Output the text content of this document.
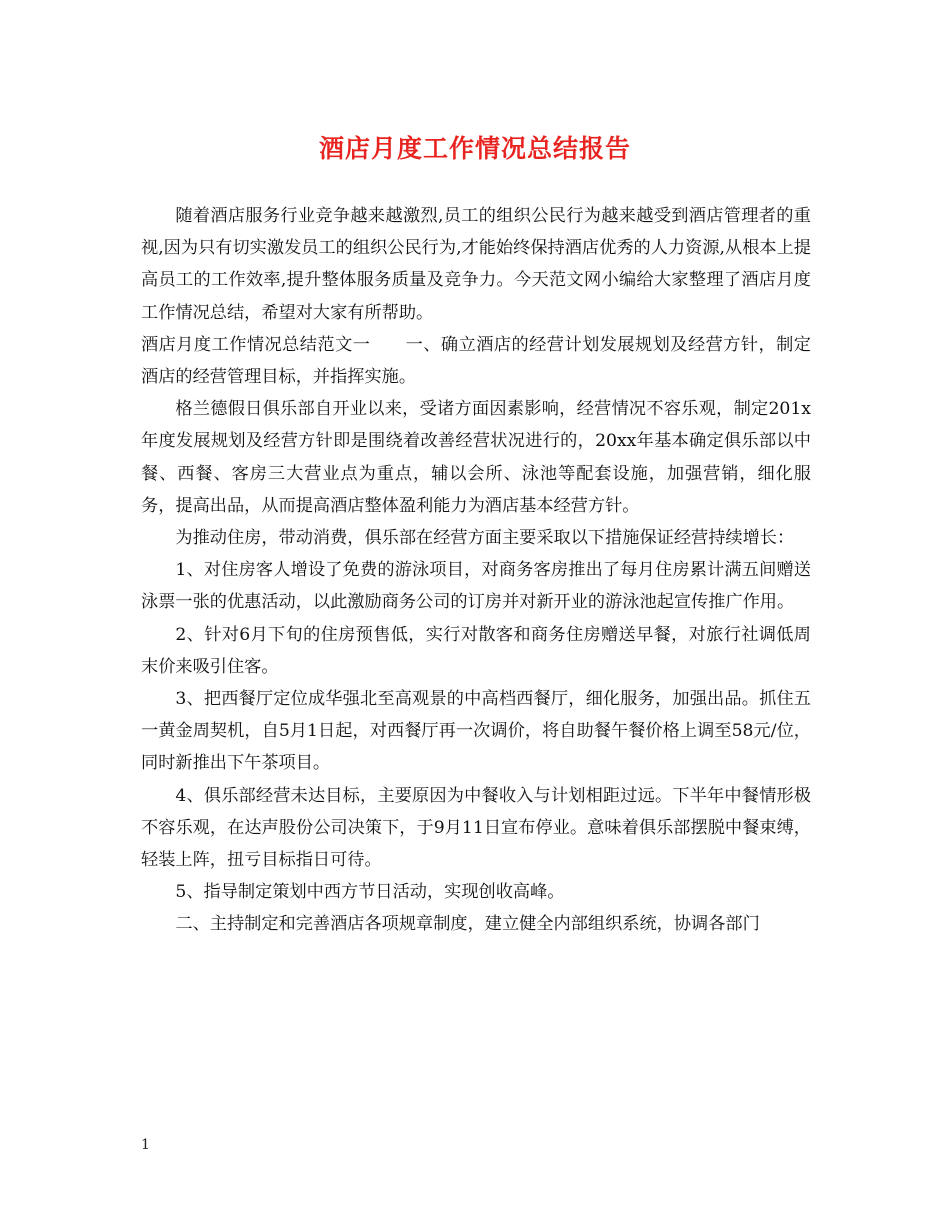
酒店月度工作情况总结报告

随着酒店服务行业竞争越来越激烈,员工的组织公民行为越来越受到酒店管理者的重视,因为只有切实激发员工的组织公民行为,才能始终保持酒店优秀的人力资源,从根本上提高员工的工作效率,提升整体服务质量及竞争力。今天范文网小编给大家整理了酒店月度工作情况总结，希望对大家有所帮助。

酒店月度工作情况总结范文一　　一、确立酒店的经营计划发展规划及经营方针，制定酒店的经营管理目标，并指挥实施。

格兰德假日俱乐部自开业以来，受诸方面因素影响，经营情况不容乐观，制定201x年度发展规划及经营方针即是围绕着改善经营状况进行的，20xx年基本确定俱乐部以中餐、西餐、客房三大营业点为重点，辅以会所、泳池等配套设施，加强营销，细化服务，提高出品，从而提高酒店整体盈利能力为酒店基本经营方针。

为推动住房，带动消费，俱乐部在经营方面主要采取以下措施保证经营持续增长：

1、对住房客人增设了免费的游泳项目，对商务客房推出了每月住房累计满五间赠送泳票一张的优惠活动，以此激励商务公司的订房并对新开业的游泳池起宣传推广作用。

2、针对6月下旬的住房预售低，实行对散客和商务住房赠送早餐，对旅行社调低周末价来吸引住客。

3、把西餐厅定位成华强北至高观景的中高档西餐厅，细化服务，加强出品。抓住五一黄金周契机，自5月1日起，对西餐厅再一次调价，将自助餐午餐价格上调至58元/位，同时新推出下午茶项目。

4、俱乐部经营未达目标，主要原因为中餐收入与计划相距过远。下半年中餐情形极不容乐观，在达声股份公司决策下，于9月11日宣布停业。意味着俱乐部摆脱中餐束缚，轻装上阵，扭亏目标指日可待。

5、指导制定策划中西方节日活动，实现创收高峰。

二、主持制定和完善酒店各项规章制度，建立健全内部组织系统，协调各部门

1
